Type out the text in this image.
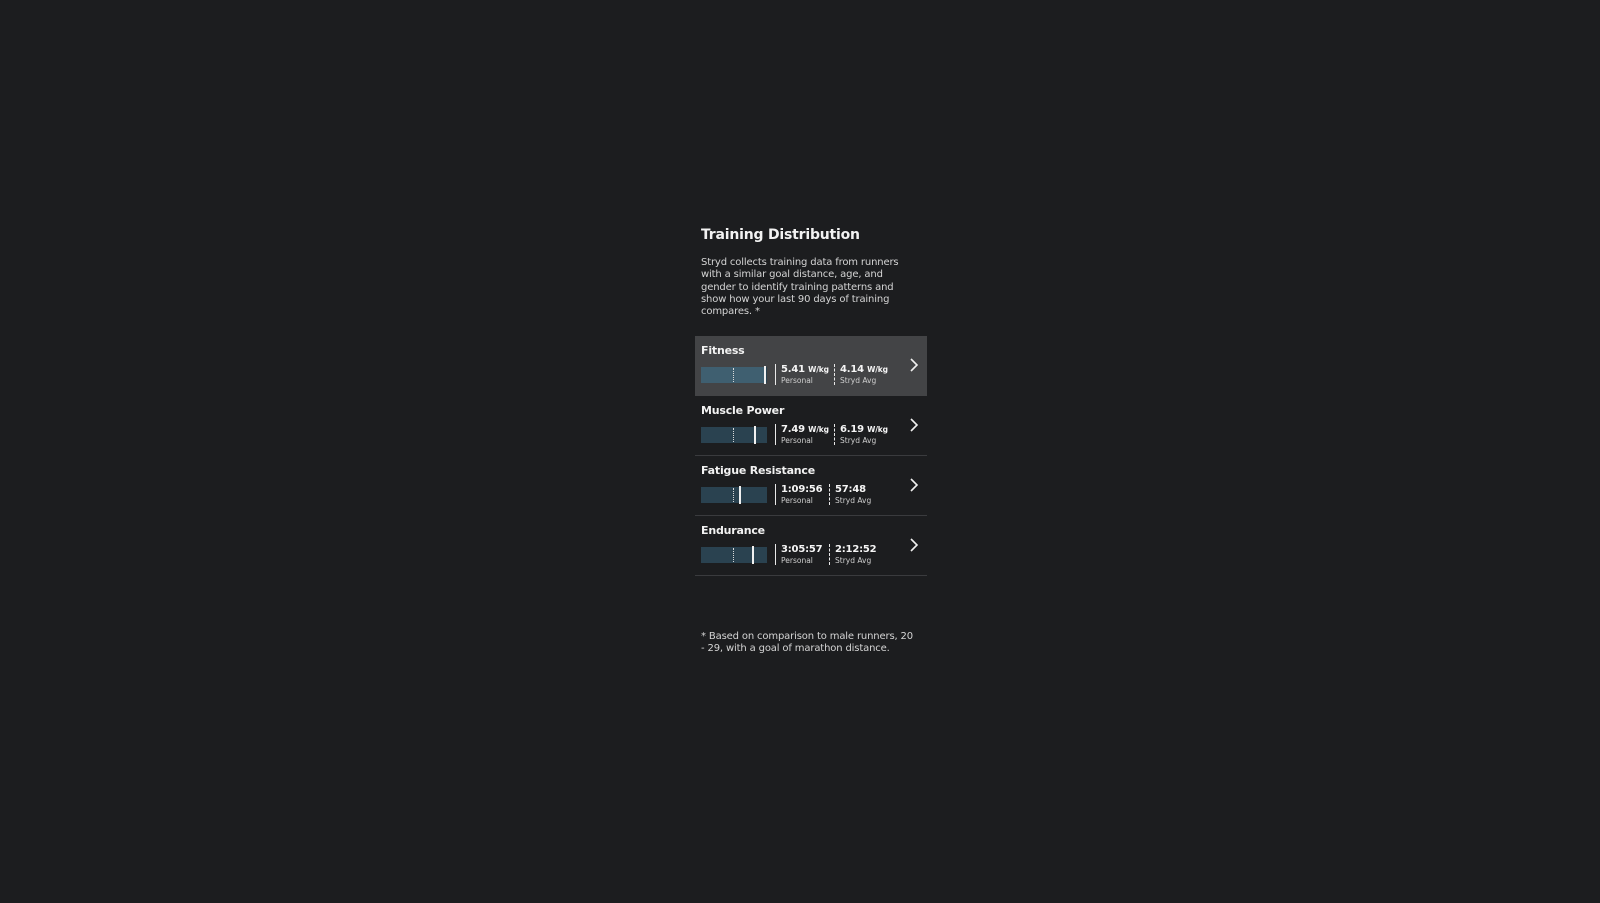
Training Distribution

Stryd collects training data from runners with a similar goal distance, age, and gender to identify training patterns and show how your last 90 days of training compares. *

Fitness
5.41 W/kg
Personal
4.14 W/kg
Stryd Avg
Muscle Power
7.49 W/kg
Personal
6.19 W/kg
Stryd Avg
Fatigue Resistance
1:09:56
Personal
57:48
Stryd Avg
Endurance
3:05:57
Personal
2:12:52
Stryd Avg

* Based on comparison to male runners, 20 - 29, with a goal of marathon distance.
